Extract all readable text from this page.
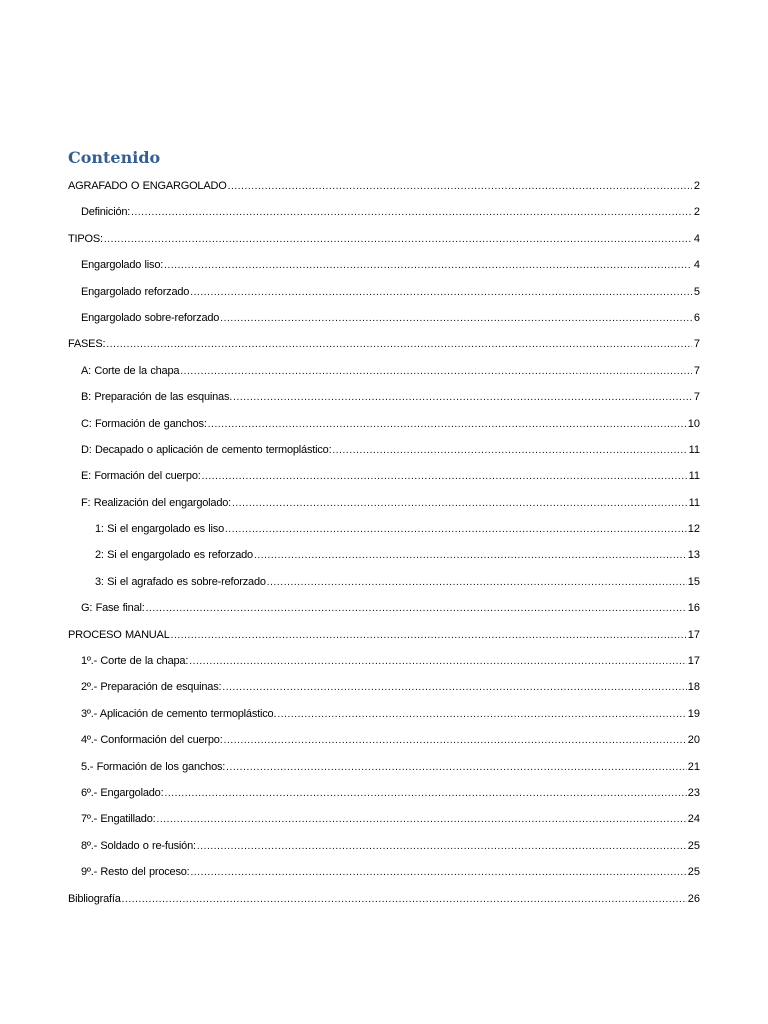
Contenido
AGRAFADO O ENGARGOLADO .....	2
Definición: .....	2
TIPOS: .....	4
Engargolado liso: .....	4
Engargolado reforzado .....	5
Engargolado sobre-reforzado .....	6
FASES: .....	7
A: Corte de la chapa .....	7
B: Preparación de las esquinas. .....	7
C: Formación de ganchos: .....	10
D: Decapado o aplicación de cemento termoplástico: .....	11
E: Formación del cuerpo: .....	11
F: Realización del engargolado: .....	11
1: Si el engargolado es liso .....	12
2: Si el engargolado es reforzado .....	13
3: Si el agrafado es sobre-reforzado .....	15
G: Fase final: .....	16
PROCESO MANUAL .....	17
1º.- Corte de la chapa: .....	17
2º.- Preparación de esquinas: .....	18
3º.- Aplicación de cemento termoplástico. .....	19
4º.- Conformación del cuerpo: .....	20
5.- Formación de los ganchos: .....	21
6º.- Engargolado: .....	23
7º.- Engatillado: .....	24
8º.- Soldado o re-fusión: .....	25
9º.- Resto del proceso: .....	25
Bibliografía .....	26
